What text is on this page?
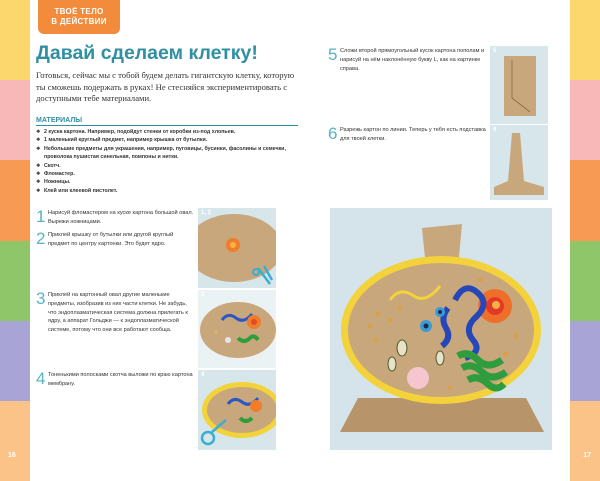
16	17
ТВОЁ ТЕЛО
В ДЕЙСТВИИ
Давай сделаем клетку!

Готовься, сейчас мы с тобой будем делать гигантскую клетку, которую ты сможешь подержать в руках! Не стесняйся экспериментировать с доступными тебе материалами.

МАТЕРИАЛЫ
❖ 2 куска картона. Например, подойдут стенки от коробки из-под хлопьев.
❖ 1 маленький круглый предмет, например крышка от бутылки.
❖ Небольшие предметы для украшения, например, пуговицы, бусинки, фасолины и семечки, проволока пушистая синельная, помпоны и нитки.
❖ Скотч.
❖ Фломастер.
❖ Ножницы.
❖ Клей или клеевой пистолет.
1 Нарисуй фломастером на куске картона большой овал. Вырежи ножницами.
2 Приклей крышку от бутылки или другой круглый предмет по центру картонки. Это будет ядро.
3 Приклей на картонный овал другие маленькие предметы, изобразив из них части клетки. Не забудь, что эндоплазматическая система должна прилегать к ядру, а аппарат Гольджи — к эндоплазматической системе, потому что они все работают сообща.
4 Тоненькими полосками скотча выложи по краю картона мембрану.
1, 2
3
4
5 Сложи второй прямоугольный кусок картона пополам и нарисуй на нём наклонённую букву L, как на картинке справа.
6 Разрежь картон по линии. Теперь у тебя есть подставка для твоей клетки.
5
6
